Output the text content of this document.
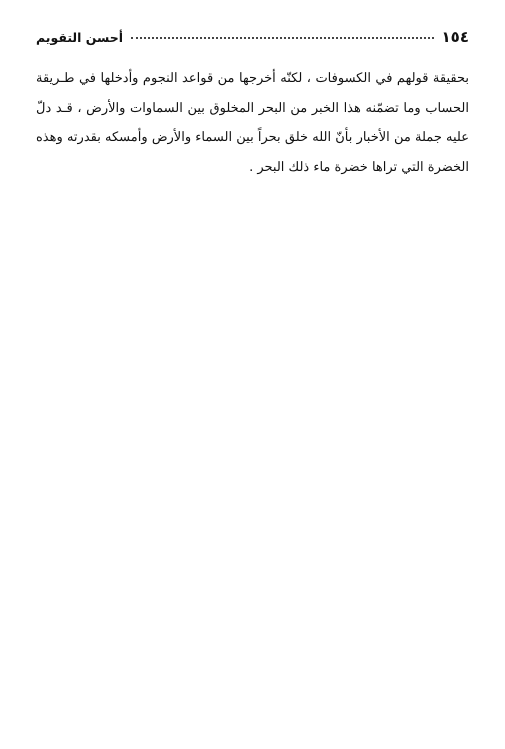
١٥٤
أحسن التقويم
بحقيقة قولهم في الكسوفات ، لكنّه أخرجها من قواعد النجوم وأدخلها في طـريقة
الحساب وما تضمّنه هذا الخبر من البحر المخلوق بين السماوات والأرض ، قـد دلّ
عليه جملة من الأخبار بأنّ الله خلق بحراً بين السماء والأرض وأمسكه بقدرته وهذه
الخضرة التي تراها خضرة ماء ذلك البحر .
